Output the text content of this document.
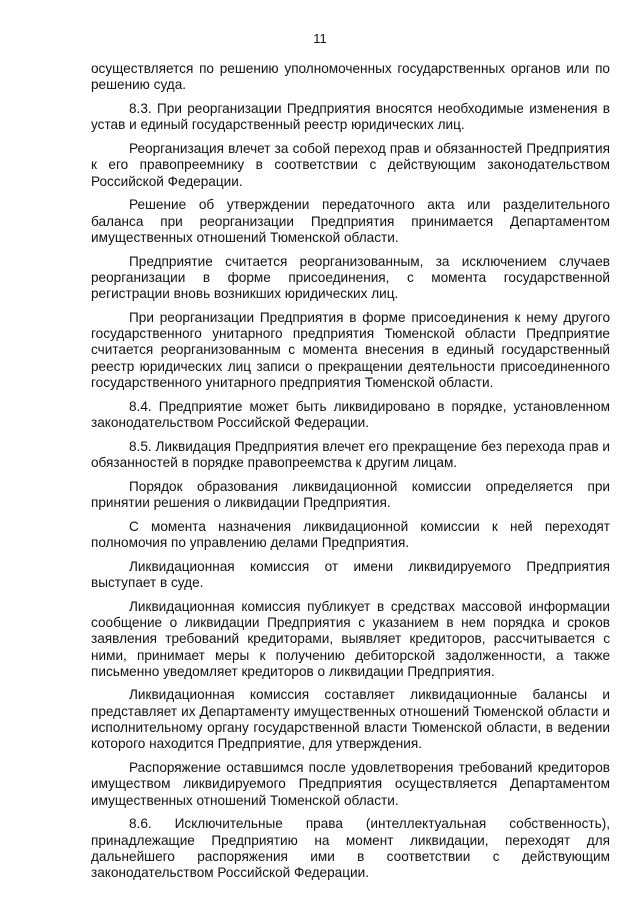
11

осуществляется по решению уполномоченных государственных органов или по решению суда.

8.3. При реорганизации Предприятия вносятся необходимые изменения в устав и единый государственный реестр юридических лиц.

Реорганизация влечет за собой переход прав и обязанностей Предприятия к его правопреемнику в соответствии с действующим законодательством Российской Федерации.

Решение об утверждении передаточного акта или разделительного баланса при реорганизации Предприятия принимается Департаментом имущественных отношений Тюменской области.

Предприятие считается реорганизованным, за исключением случаев реорганизации в форме присоединения, с момента государственной регистрации вновь возникших юридических лиц.

При реорганизации Предприятия в форме присоединения к нему другого государственного унитарного предприятия Тюменской области Предприятие считается реорганизованным с момента внесения в единый государственный реестр юридических лиц записи о прекращении деятельности присоединенного государственного унитарного предприятия Тюменской области.

8.4. Предприятие может быть ликвидировано в порядке, установленном законодательством Российской Федерации.

8.5. Ликвидация Предприятия влечет его прекращение без перехода прав и обязанностей в порядке правопреемства к другим лицам.

Порядок образования ликвидационной комиссии определяется при принятии решения о ликвидации Предприятия.

С момента назначения ликвидационной комиссии к ней переходят полномочия по управлению делами Предприятия.

Ликвидационная комиссия от имени ликвидируемого Предприятия выступает в суде.

Ликвидационная комиссия публикует в средствах массовой информации сообщение о ликвидации Предприятия с указанием в нем порядка и сроков заявления требований кредиторами, выявляет кредиторов, рассчитывается с ними, принимает меры к получению дебиторской задолженности, а также письменно уведомляет кредиторов о ликвидации Предприятия.

Ликвидационная комиссия составляет ликвидационные балансы и представляет их Департаменту имущественных отношений Тюменской области и исполнительному органу государственной власти Тюменской области, в ведении которого находится Предприятие, для утверждения.

Распоряжение оставшимся после удовлетворения требований кредиторов имуществом ликвидируемого Предприятия осуществляется Департаментом имущественных отношений Тюменской области.

8.6. Исключительные права (интеллектуальная собственность), принадлежащие Предприятию на момент ликвидации, переходят для дальнейшего распоряжения ими в соответствии с действующим законодательством Российской Федерации.
